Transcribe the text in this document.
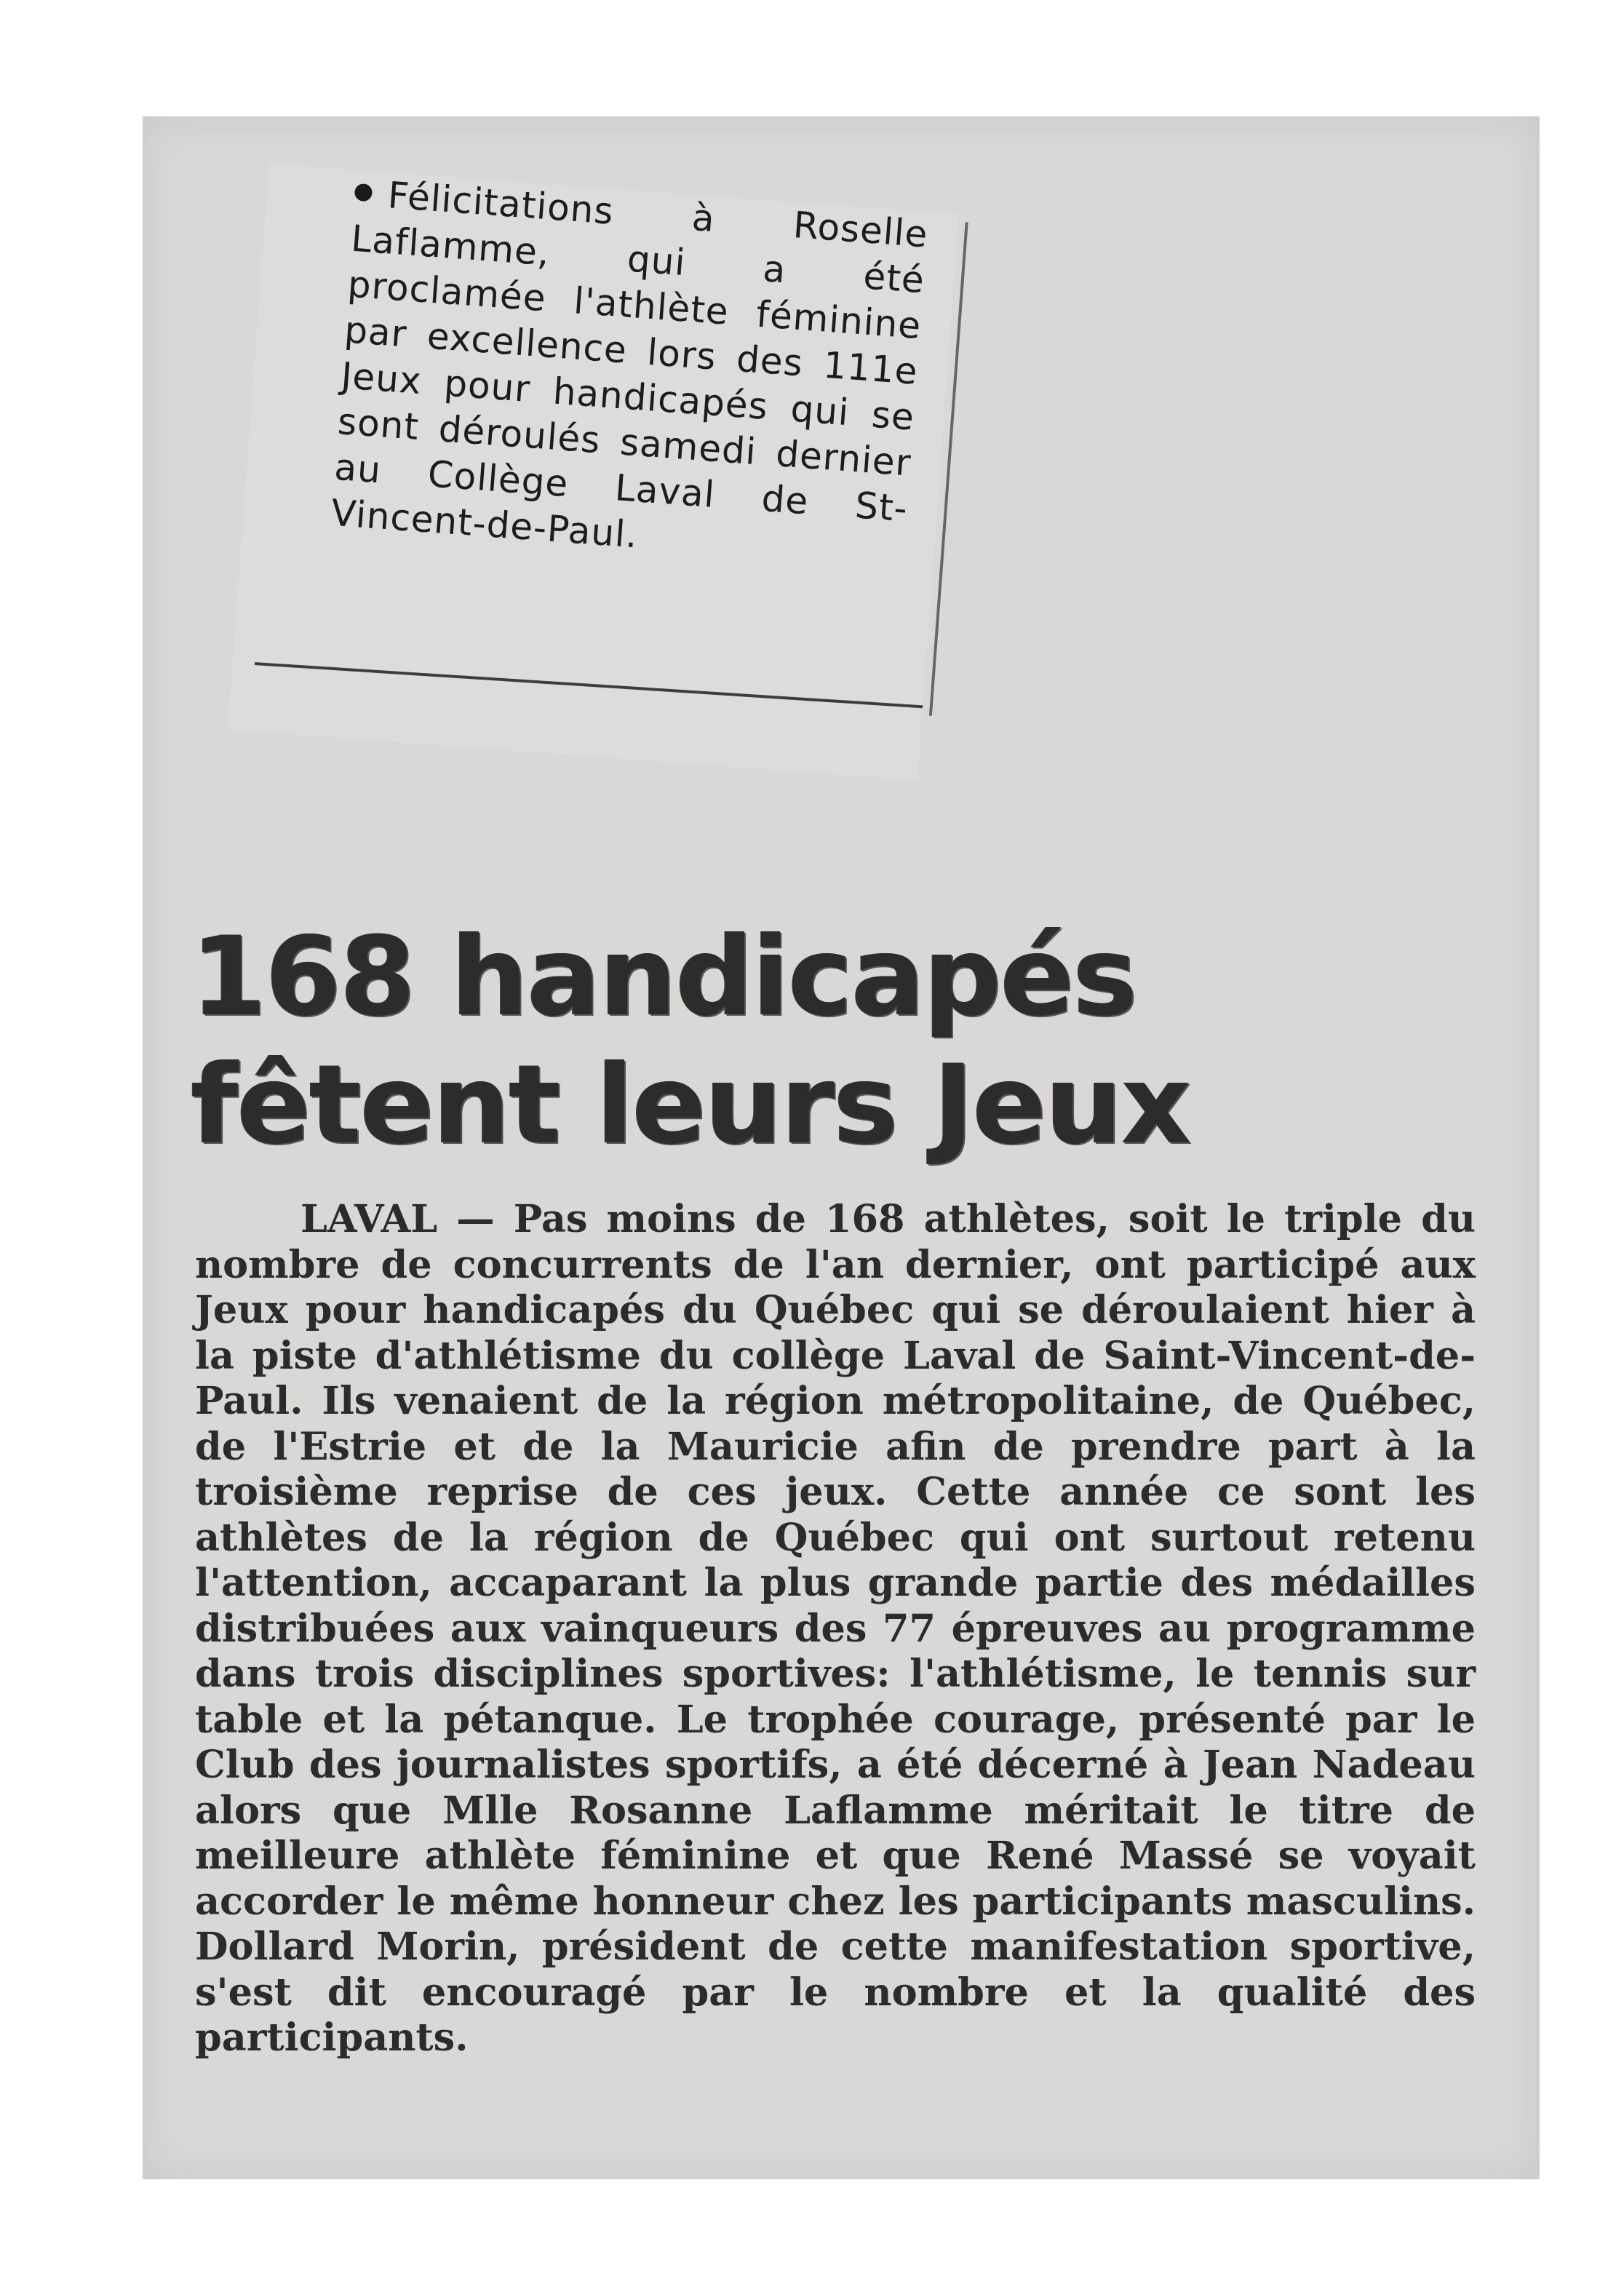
Félicitations à Roselle Laflamme, qui a été proclamée l'athlète féminine par excellence lors des 111e Jeux pour handicapés qui se sont déroulés samedi dernier au Collège Laval de St-Vincent-de-Paul.
168 handicapés
fêtent leurs Jeux

LAVAL — Pas moins de 168 athlètes, soit le triple du nombre de concurrents de l'an dernier, ont participé aux Jeux pour handicapés du Québec qui se déroulaient hier à la piste d'athlétisme du collège Laval de Saint-Vincent-de-Paul. Ils venaient de la région métropolitaine, de Québec, de l'Estrie et de la Mauricie afin de prendre part à la troisième reprise de ces jeux. Cette année ce sont les athlètes de la région de Québec qui ont surtout retenu l'attention, accaparant la plus grande partie des médailles distribuées aux vainqueurs des 77 épreuves au programme dans trois disciplines sportives: l'athlétisme, le tennis sur table et la pétanque. Le trophée courage, présenté par le Club des journalistes sportifs, a été décerné à Jean Nadeau alors que Mlle Rosanne Laflamme méritait le titre de meilleure athlète féminine et que René Massé se voyait accorder le même honneur chez les participants masculins. Dollard Morin, président de cette manifestation sportive, s'est dit encouragé par le nombre et la qualité des participants.
